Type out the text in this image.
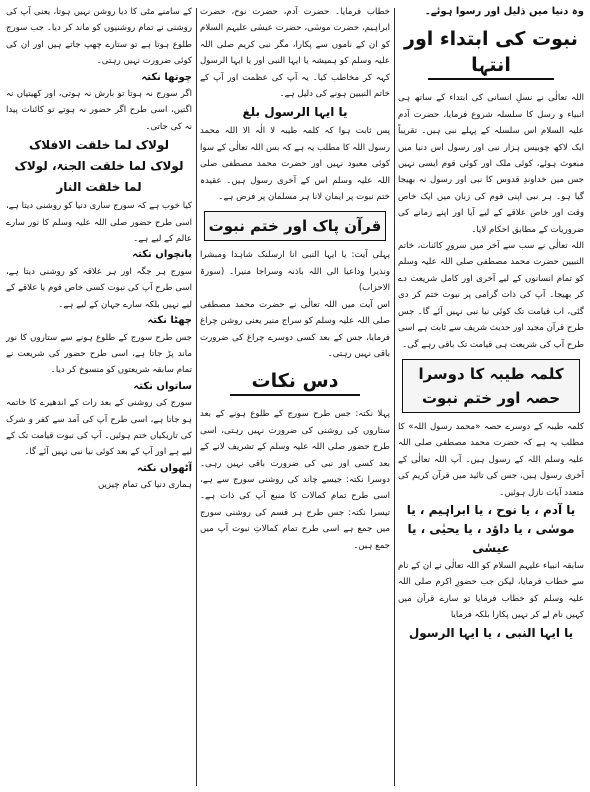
وہ دنیا میں ذلیل اور رسوا ہوئے۔

نبوت کی ابتداء اور انتہا

اللہ تعالٰی نے نسلِ انسانی کی ابتداء کے ساتھ ہی انبیاء و رسل کا سلسلہ شروع فرمایا، حضرت آدم علیہ السلام اس سلسلہ کے پہلے نبی ہیں۔ تقریباً ایک لاکھ چوبیس ہزار نبی اور رسول اس دنیا میں مبعوث ہوئے، کوئی ملک اور کوئی قوم ایسی نہیں جس میں خداوندِ قدوس کا نبی اور رسول نہ بھیجا گیا ہو۔ ہر نبی اپنی قوم کی زبان میں ایک خاص وقت اور خاص علاقے کے لیے آیا اور اپنے زمانے کی ضروریات کے مطابق احکام لایا۔

اللہ تعالٰی نے سب سے آخر میں سرورِ کائنات، خاتم النبیین حضرت محمد مصطفی صلی اللہ علیہ وسلم کو تمام انسانوں کے لیے آخری اور کامل شریعت دے کر بھیجا۔ آپ کی ذات گرامی پر نبوت ختم کر دی گئی، اب قیامت تک کوئی نیا نبی نہیں آئے گا۔ جس طرح قرآن مجید اور حدیث شریف سے ثابت ہے اسی طرح آپ کی شریعت ہی قیامت تک باقی رہے گی۔

کلمہ طیبہ کا دوسرا حصہ اور ختم نبوت

کلمہ طیبہ کے دوسرے حصہ «محمد رسول اللہ» کا مطلب یہ ہے کہ حضرت محمد مصطفی صلی اللہ علیہ وسلم اللہ کے رسول ہیں۔ آپ اللہ تعالٰی کے آخری رسول ہیں، جس کی تائید میں قرآن کریم کی متعدد آیات نازل ہوئیں۔

یا آدم ، یا نوح ، یا ابراہیم ، یا موسٰی ، یا داؤد ، یا یحیٰی ، یا عیسٰی

سابقہ انبیاء علیہم السلام کو اللہ تعالٰی نے ان کے نام سے خطاب فرمایا، لیکن جب حضورِ اکرم صلی اللہ علیہ وسلم کو خطاب فرمایا تو سارے قرآن میں کہیں نام لے کر نہیں پکارا بلکہ فرمایا

یا ایہا النبی ، یا ایہا الرسول

خطاب فرمایا۔ حضرت آدم، حضرت نوح، حضرت ابراہیم، حضرت موسٰی، حضرت عیسٰی علیہم السلام کو ان کے ناموں سے پکارا، مگر نبی کریم صلی اللہ علیہ وسلم کو ہمیشہ یا ایہا النبی اور یا ایہا الرسول کہہ کر مخاطب کیا۔ یہ آپ کی عظمت اور آپ کے خاتم النبیین ہونے کی دلیل ہے۔

یا ایہا الرسول بلغ

پس ثابت ہوا کہ کلمہ طیبہ لا الٰہ الا اللہ محمد رسول اللہ کا مطلب یہ ہے کہ بس اللہ تعالٰی کے سوا کوئی معبود نہیں اور حضرت محمد مصطفی صلی اللہ علیہ وسلم اس کے آخری رسول ہیں۔ عقیدہ ختم نبوت پر ایمان لانا ہر مسلمان پر فرض ہے۔

قرآن پاک اور ختم نبوت

پہلی آیت: یا ایہا النبی انا ارسلنک شاہدا ومبشرا ونذیرا وداعیا الی اللہ باذنہ وسراجا منیرا۔ (سورۃ الاحزاب)

اس آیت میں اللہ تعالٰی نے حضرت محمد مصطفی صلی اللہ علیہ وسلم کو سراج منیر یعنی روشن چراغ فرمایا، جس کے بعد کسی دوسرے چراغ کی ضرورت باقی نہیں رہتی۔

دس نکات

پہلا نکتہ: جس طرح سورج کے طلوع ہونے کے بعد ستاروں کی روشنی کی ضرورت نہیں رہتی، اسی طرح حضور صلی اللہ علیہ وسلم کے تشریف لانے کے بعد کسی اور نبی کی ضرورت باقی نہیں رہی۔ دوسرا نکتہ: جیسے چاند کی روشنی سورج سے ہے، اسی طرح تمام کمالات کا منبع آپ کی ذات ہے۔ تیسرا نکتہ: جس طرح ہر قسم کی روشنی سورج میں جمع ہے اسی طرح تمام کمالاتِ نبوت آپ میں جمع ہیں۔

کے سامنے مٹی کا دیا روشن نہیں ہوتا، یعنی آپ کی روشنی نے تمام روشنیوں کو ماند کر دیا۔ جب سورج طلوع ہوتا ہے تو ستارے چھپ جاتے ہیں اور ان کی کوئی ضرورت نہیں رہتی۔

چوتھا نکتہ

اگر سورج نہ ہوتا تو بارش نہ ہوتی، اور کھیتیاں نہ اگتیں، اسی طرح اگر حضور نہ ہوتے تو کائنات پیدا نہ کی جاتی۔

لولاک لما خلقت الافلاک

لولاک لما خلقت الجنۃ، لولاک

لما خلقت النار

کیا خوب ہے کہ سورج ساری دنیا کو روشنی دیتا ہے، اسی طرح حضور صلی اللہ علیہ وسلم کا نور سارے عالم کے لیے ہے۔

پانچواں نکتہ

سورج ہر جگہ اور ہر علاقہ کو روشنی دیتا ہے، اسی طرح آپ کی نبوت کسی خاص قوم یا علاقے کے لیے نہیں بلکہ سارے جہان کے لیے ہے۔

چھٹا نکتہ

جس طرح سورج کے طلوع ہونے سے ستاروں کا نور ماند پڑ جاتا ہے، اسی طرح حضور کی شریعت نے تمام سابقہ شریعتوں کو منسوخ کر دیا۔

ساتواں نکتہ

سورج کی روشنی کے بعد رات کے اندھیرے کا خاتمہ ہو جاتا ہے، اسی طرح آپ کی آمد سے کفر و شرک کی تاریکیاں ختم ہوئیں۔ آپ کی نبوت قیامت تک کے لیے ہے اور آپ کے بعد کوئی نیا نبی نہیں آئے گا۔

آٹھواں نکتہ

ہماری دنیا کی تمام چیزیں
